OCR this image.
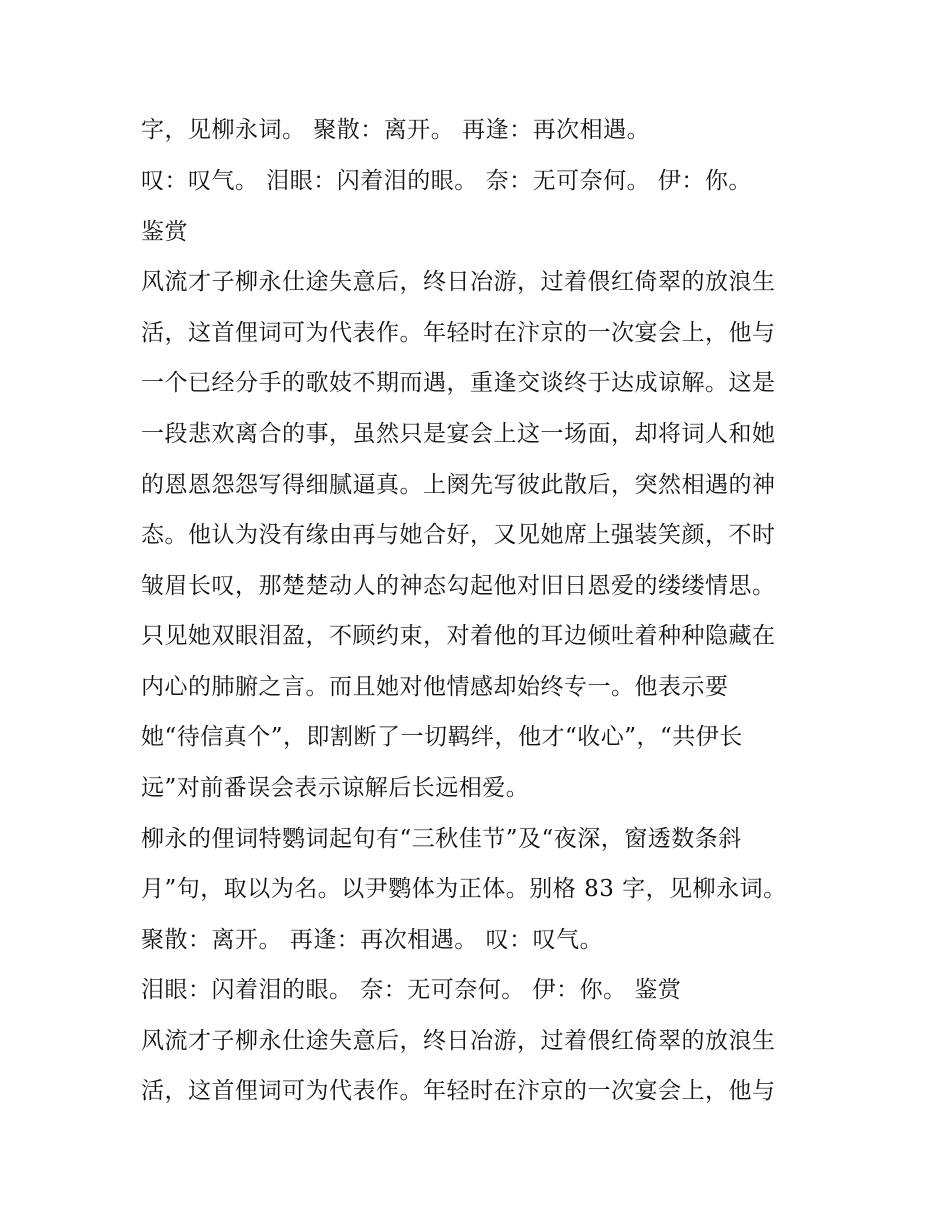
字，见柳永词。 聚散：离开。 再逢：再次相遇。
叹：叹气。 泪眼：闪着泪的眼。 奈：无可奈何。 伊：你。
鉴赏
风流才子柳永仕途失意后，终日冶游，过着偎红倚翠的放浪生
活，这首俚词可为代表作。年轻时在汴京的一次宴会上，他与
一个已经分手的歌妓不期而遇，重逢交谈终于达成谅解。这是
一段悲欢离合的事，虽然只是宴会上这一场面，却将词人和她
的恩恩怨怨写得细腻逼真。上阕先写彼此散后，突然相遇的神
态。他认为没有缘由再与她合好，又见她席上强装笑颜，不时
皱眉长叹，那楚楚动人的神态勾起他对旧日恩爱的缕缕情思。
只见她双眼泪盈，不顾约束，对着他的耳边倾吐着种种隐藏在
内心的肺腑之言。而且她对他情感却始终专一。他表示要
她“待信真个”，即割断了一切羁绊，他才“收心”，“共伊长
远”对前番误会表示谅解后长远相爱。
柳永的俚词特鹦词起句有“三秋佳节”及“夜深，窗透数条斜
月”句，取以为名。以尹鹦体为正体。别格 83 字，见柳永词。
聚散：离开。 再逢：再次相遇。 叹：叹气。
泪眼：闪着泪的眼。 奈：无可奈何。 伊：你。 鉴赏
风流才子柳永仕途失意后，终日冶游，过着偎红倚翠的放浪生
活，这首俚词可为代表作。年轻时在汴京的一次宴会上，他与
